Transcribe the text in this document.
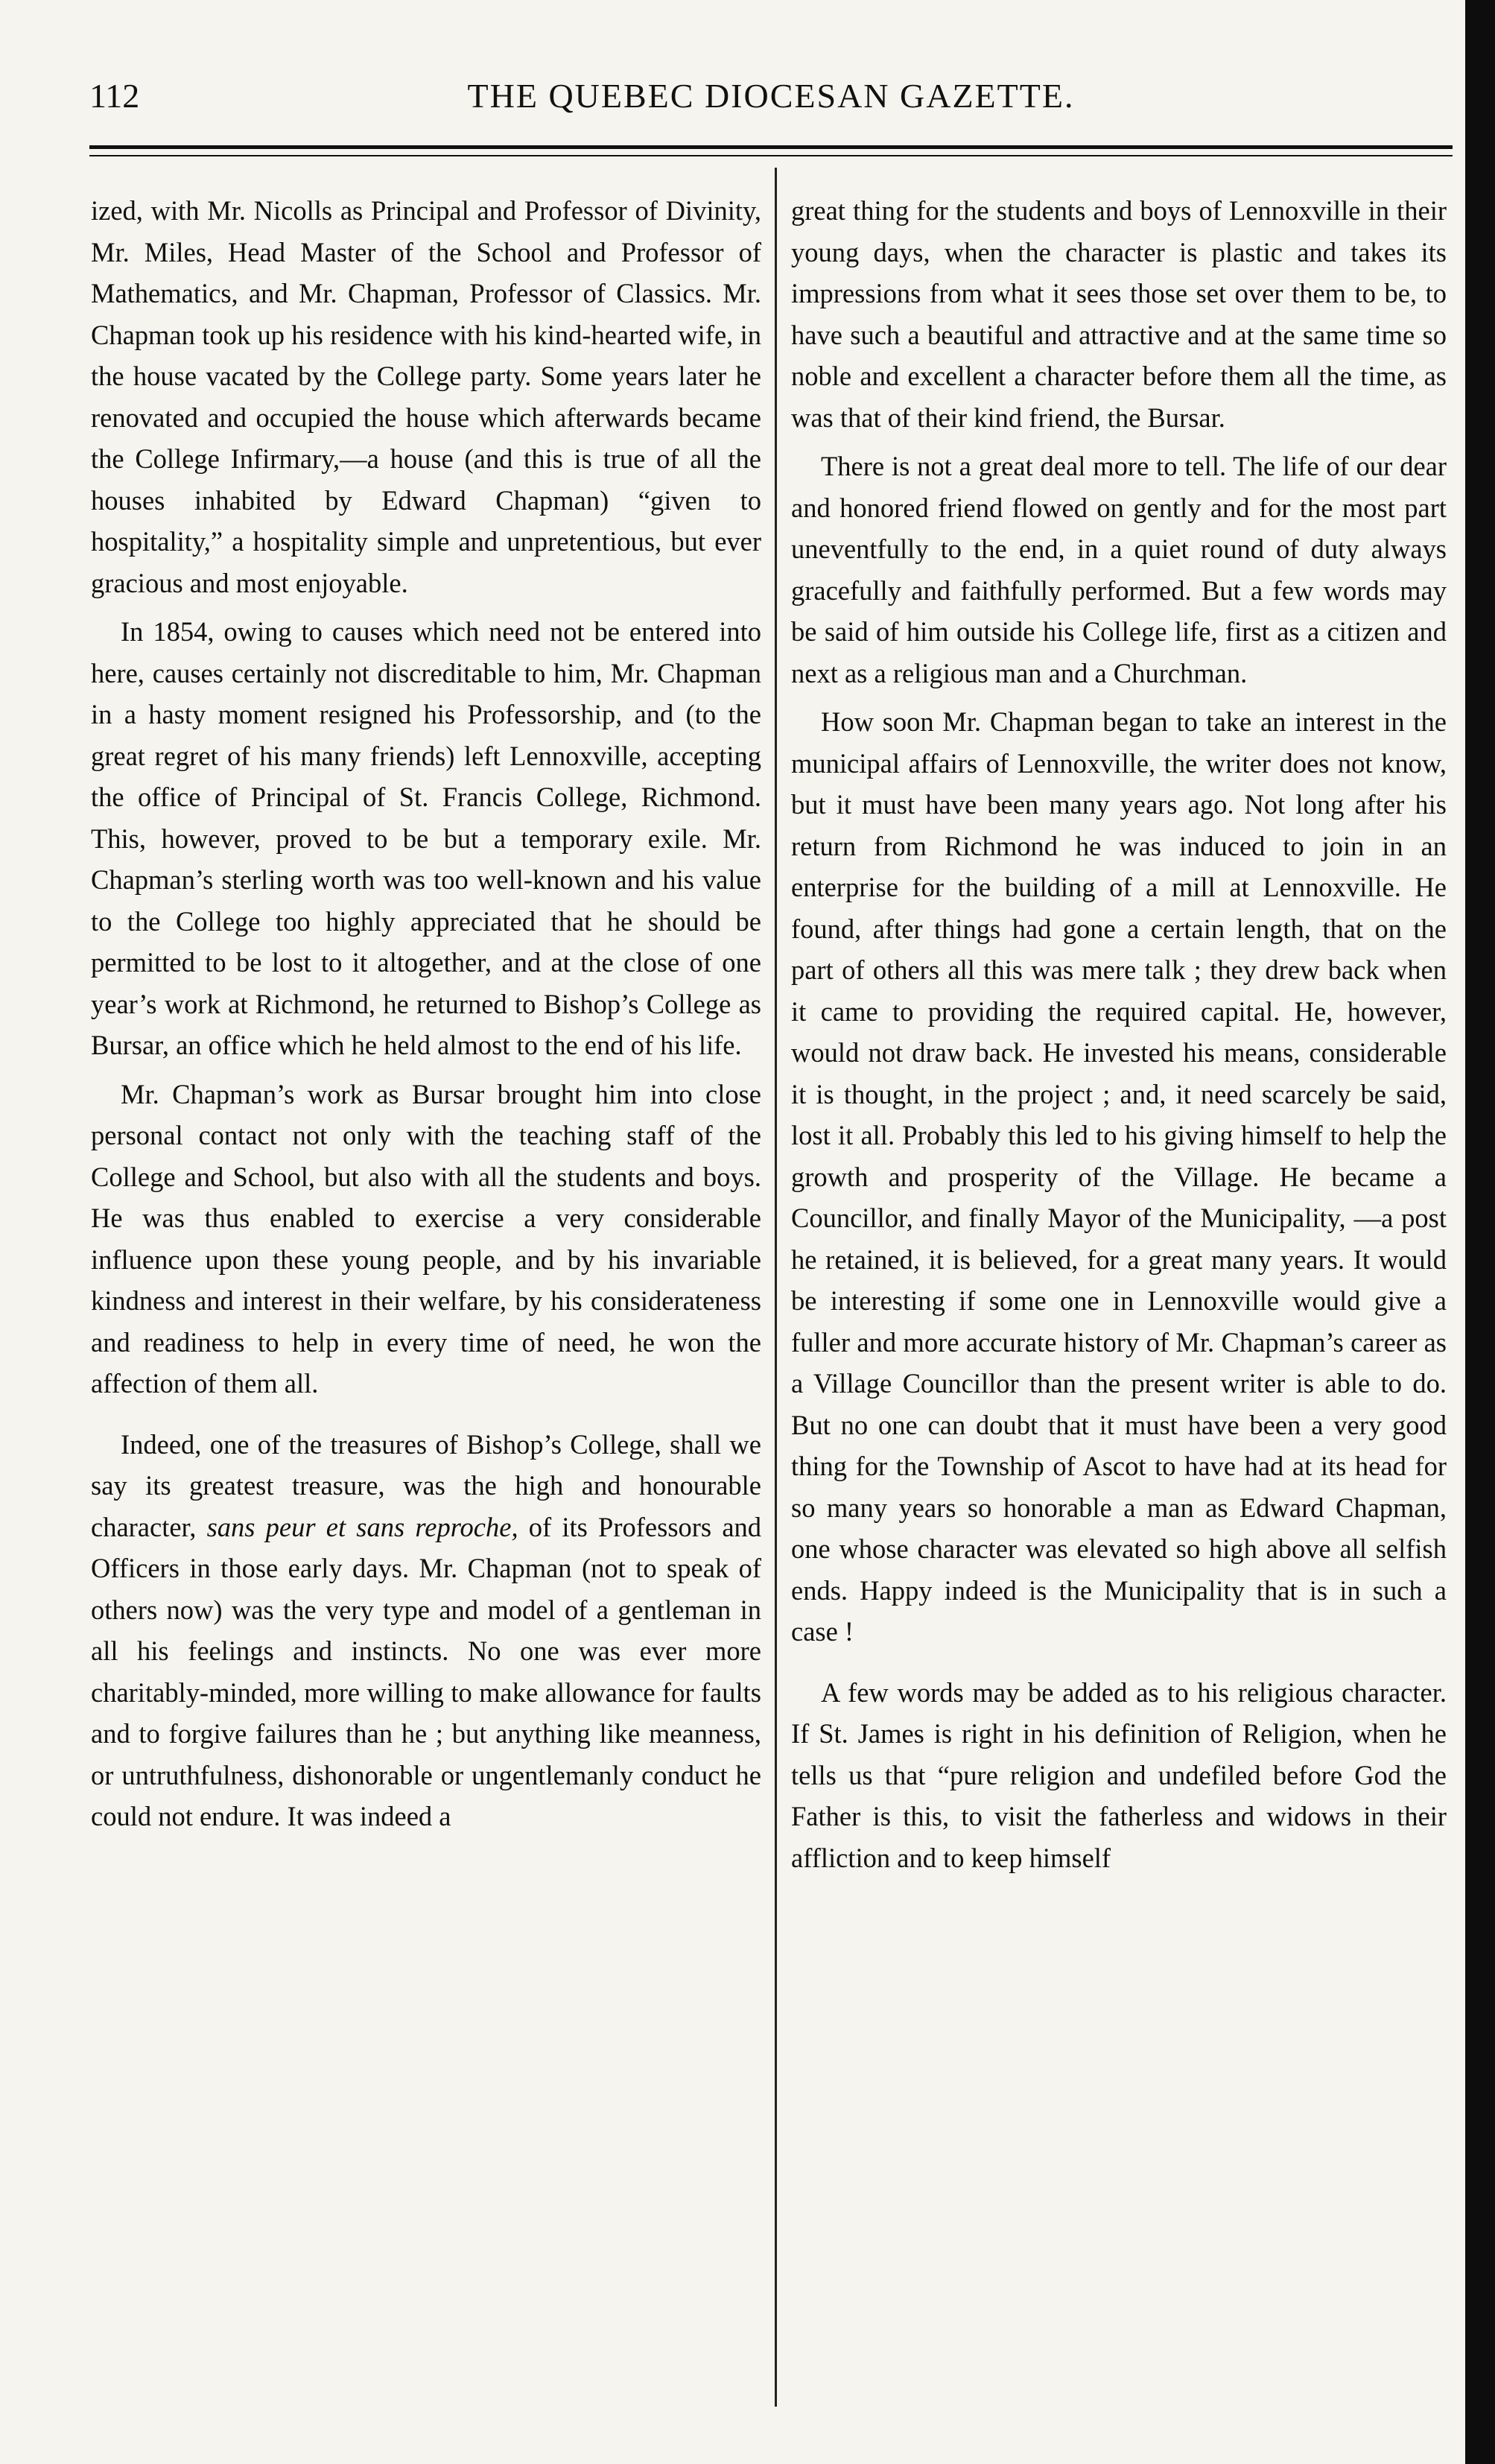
112	THE QUEBEC DIOCESAN GAZETTE.

ized, with Mr. Nicolls as Principal and Professor of Divinity, Mr. Miles, Head Master of the School and Professor of Mathematics, and Mr. Chapman, Professor of Classics. Mr. Chapman took up his residence with his kind-hearted wife, in the house vacated by the College party. Some years later he renovated and occupied the house which afterwards became the College Infirmary,—a house (and this is true of all the houses inhabited by Edward Chapman) “given to hospitality,” a hospitality simple and unpretentious, but ever gracious and most enjoyable.

In 1854, owing to causes which need not be entered into here, causes certainly not discreditable to him, Mr. Chapman in a hasty moment resigned his Professorship, and (to the great regret of his many friends) left Lennoxville, accepting the office of Principal of St. Francis College, Richmond. This, however, proved to be but a temporary exile. Mr. Chapman’s sterling worth was too well-known and his value to the College too highly appreciated that he should be permitted to be lost to it altogether, and at the close of one year’s work at Richmond, he returned to Bishop’s College as Bursar, an office which he held almost to the end of his life.

Mr. Chapman’s work as Bursar brought him into close personal contact not only with the teaching staff of the College and School, but also with all the students and boys. He was thus enabled to exercise a very considerable influence upon these young people, and by his invariable kindness and interest in their welfare, by his considerateness and readiness to help in every time of need, he won the affection of them all.

Indeed, one of the treasures of Bishop’s College, shall we say its greatest treasure, was the high and honourable character, sans peur et sans reproche, of its Professors and Officers in those early days. Mr. Chapman (not to speak of others now) was the very type and model of a gentleman in all his feelings and instincts. No one was ever more charitably-minded, more willing to make allowance for faults and to forgive failures than he ; but anything like meanness, or untruthfulness, dishonorable or ungentlemanly conduct he could not endure. It was indeed a

great thing for the students and boys of Lennoxville in their young days, when the character is plastic and takes its impressions from what it sees those set over them to be, to have such a beautiful and attractive and at the same time so noble and excellent a character before them all the time, as was that of their kind friend, the Bursar.

There is not a great deal more to tell. The life of our dear and honored friend flowed on gently and for the most part uneventfully to the end, in a quiet round of duty always gracefully and faithfully performed. But a few words may be said of him outside his College life, first as a citizen and next as a religious man and a Churchman.

How soon Mr. Chapman began to take an interest in the municipal affairs of Lennoxville, the writer does not know, but it must have been many years ago. Not long after his return from Richmond he was induced to join in an enterprise for the building of a mill at Lennoxville. He found, after things had gone a certain length, that on the part of others all this was mere talk ; they drew back when it came to providing the required capital. He, however, would not draw back. He invested his means, considerable it is thought, in the project ; and, it need scarcely be said, lost it all. Probably this led to his giving himself to help the growth and prosperity of the Village. He became a Councillor, and finally Mayor of the Municipality, —a post he retained, it is believed, for a great many years. It would be interesting if some one in Lennoxville would give a fuller and more accurate history of Mr. Chapman’s career as a Village Councillor than the present writer is able to do. But no one can doubt that it must have been a very good thing for the Township of Ascot to have had at its head for so many years so honorable a man as Edward Chapman, one whose character was elevated so high above all selfish ends. Happy indeed is the Municipality that is in such a case !

A few words may be added as to his religious character. If St. James is right in his definition of Religion, when he tells us that “pure religion and undefiled before God the Father is this, to visit the fatherless and widows in their affliction and to keep himself
